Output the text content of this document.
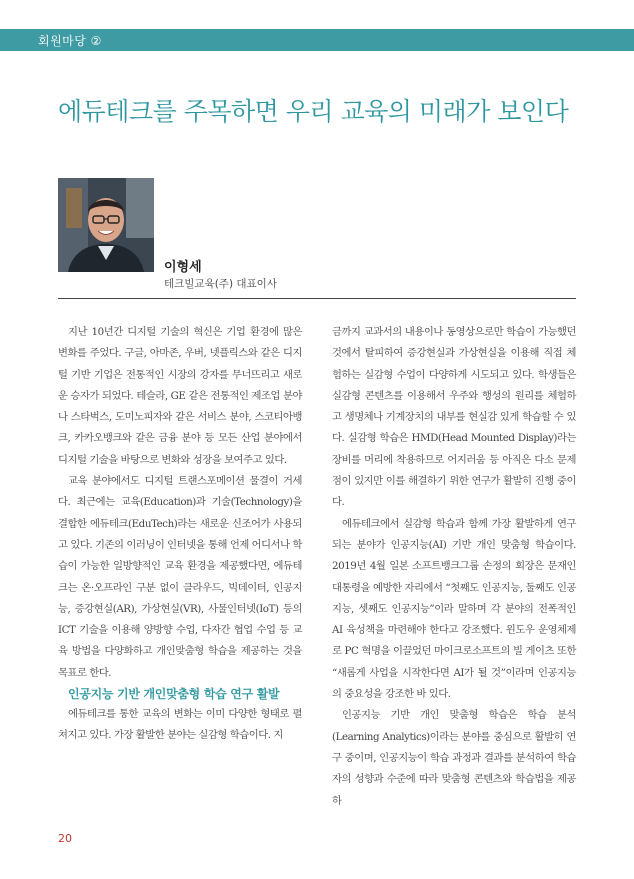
회원마당 ②
에듀테크를 주목하면 우리 교육의 미래가 보인다
이형세
테크빌교육(주) 대표이사

지난 10년간 디지털 기술의 혁신은 기업 환경에 많은 변화를 주었다. 구글, 아마존, 우버, 넷플릭스와 같은 디지털 기반 기업은 전통적인 시장의 강자를 무너뜨리고 새로운 승자가 되었다. 테슬라, GE 같은 전통적인 제조업 분야나 스타벅스, 도미노피자와 같은 서비스 분야, 스코티아뱅크, 카카오뱅크와 같은 금융 분야 등 모든 산업 분야에서 디지털 기술을 바탕으로 변화와 성장을 보여주고 있다.

교육 분야에서도 디지털 트랜스포메이션 물결이 거세다. 최근에는 교육(Education)과 기술(Technology)을 결합한 에듀테크(EduTech)라는 새로운 신조어가 사용되고 있다. 기존의 이러닝이 인터넷을 통해 언제 어디서나 학습이 가능한 일방향적인 교육 환경을 제공했다면, 에듀테크는 온·오프라인 구분 없이 클라우드, 빅데이터, 인공지능, 증강현실(AR), 가상현실(VR), 사물인터넷(IoT) 등의 ICT 기술을 이용해 양방향 수업, 다자간 협업 수업 등 교육 방법을 다양화하고 개인맞춤형 학습을 제공하는 것을 목표로 한다.

인공지능 기반 개인맞춤형 학습 연구 활발

에듀테크를 통한 교육의 변화는 이미 다양한 형태로 펼쳐지고 있다. 가장 활발한 분야는 실감형 학습이다. 지

금까지 교과서의 내용이나 동영상으로만 학습이 가능했던 것에서 탈피하여 증강현실과 가상현실을 이용해 직접 체험하는 실감형 수업이 다양하게 시도되고 있다. 학생들은 실감형 콘텐츠를 이용해서 우주와 행성의 원리를 체험하고 생명체나 기계장치의 내부를 현실감 있게 학습할 수 있다. 실감형 학습은 HMD(Head Mounted Display)라는 장비를 머리에 착용하므로 어지러움 등 아직은 다소 문제점이 있지만 이를 해결하기 위한 연구가 활발히 진행 중이다.

에듀테크에서 실감형 학습과 함께 가장 활발하게 연구되는 분야가 인공지능(AI) 기반 개인 맞춤형 학습이다. 2019년 4월 일본 소프트뱅크그룹 손정의 회장은 문재인 대통령을 예방한 자리에서 “첫째도 인공지능, 둘째도 인공지능, 셋째도 인공지능”이라 말하며 각 분야의 전폭적인 AI 육성책을 마련해야 한다고 강조했다. 윈도우 운영체제로 PC 혁명을 이끌었던 마이크로소프트의 빌 게이츠 또한 “새롭게 사업을 시작한다면 AI가 될 것”이라며 인공지능의 중요성을 강조한 바 있다.

인공지능 기반 개인 맞춤형 학습은 학습 분석(Learning Analytics)이라는 분야를 중심으로 활발히 연구 중이며, 인공지능이 학습 과정과 결과를 분석하여 학습자의 성향과 수준에 따라 맞춤형 콘텐츠와 학습법을 제공하

20
